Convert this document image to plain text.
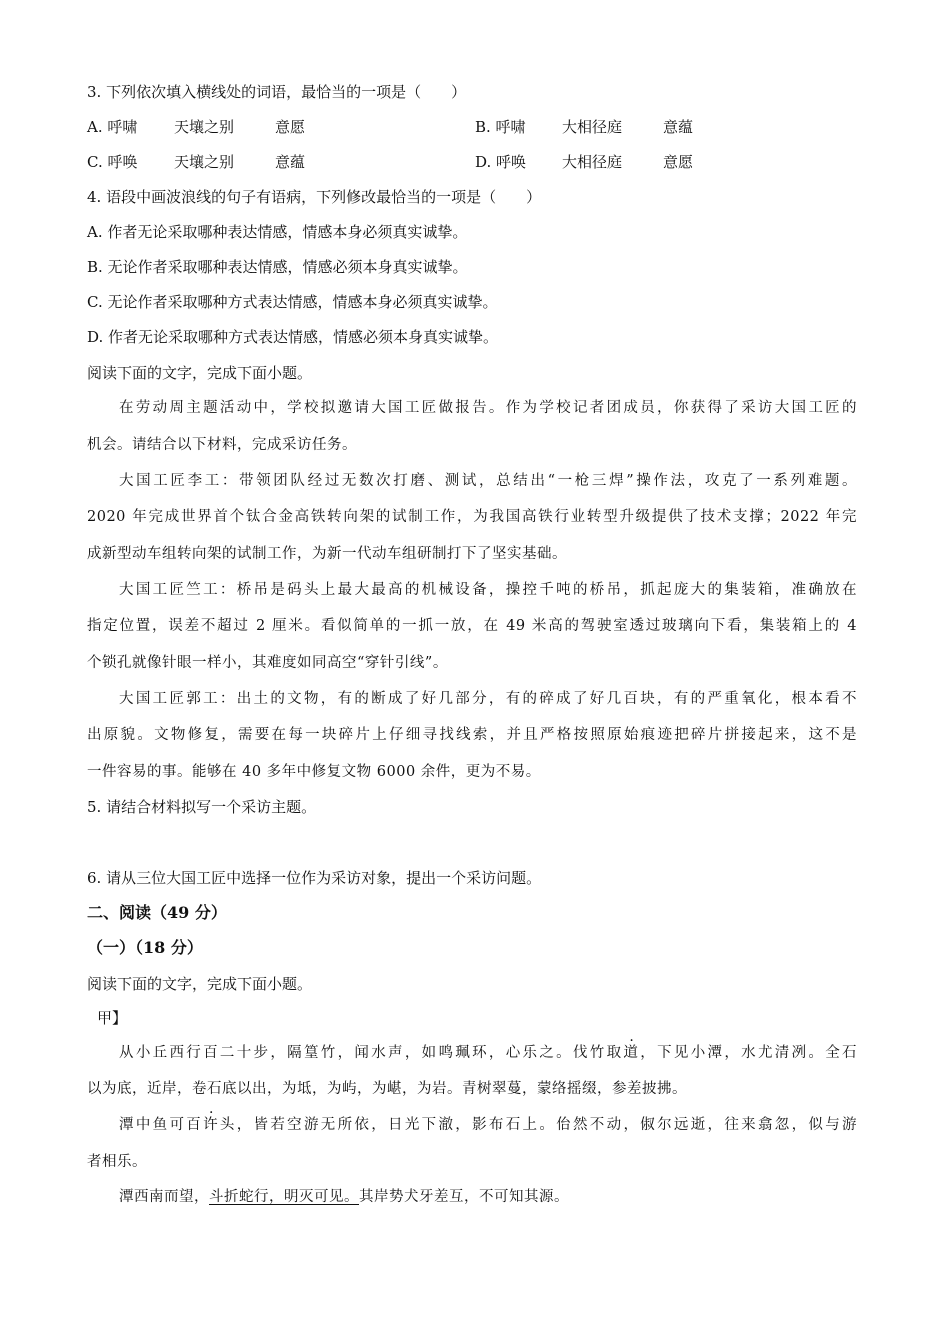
3. 下列依次填入横线处的词语，最恰当的一项是（　　）
A. 呼啸 天壤之别	意愿	B. 呼啸 大相径庭	意蕴
C. 呼唤 天壤之别	意蕴	D. 呼唤 大相径庭	意愿
4. 语段中画波浪线的句子有语病，下列修改最恰当的一项是（　　）
A. 作者无论采取哪种表达情感，情感本身必须真实诚挚。
B. 无论作者采取哪种表达情感，情感必须本身真实诚挚。
C. 无论作者采取哪种方式表达情感，情感本身必须真实诚挚。
D. 作者无论采取哪种方式表达情感，情感必须本身真实诚挚。
阅读下面的文字，完成下面小题。
在劳动周主题活动中，学校拟邀请大国工匠做报告。作为学校记者团成员，你获得了采访大国工匠的
机会。请结合以下材料，完成采访任务。
大国工匠李工：带领团队经过无数次打磨、测试，总结出“一枪三焊”操作法，攻克了一系列难题。
2020 年完成世界首个钛合金高铁转向架的试制工作，为我国高铁行业转型升级提供了技术支撑；2022 年完
成新型动车组转向架的试制工作，为新一代动车组研制打下了坚实基础。
大国工匠竺工：桥吊是码头上最大最高的机械设备，操控千吨的桥吊，抓起庞大的集装箱，准确放在
指定位置，误差不超过 2 厘米。看似简单的一抓一放，在 49 米高的驾驶室透过玻璃向下看，集装箱上的 4
个锁孔就像针眼一样小，其难度如同高空“穿针引线”。
大国工匠郭工：出土的文物，有的断成了好几部分，有的碎成了好几百块，有的严重氧化，根本看不
出原貌。文物修复，需要在每一块碎片上仔细寻找线索，并且严格按照原始痕迹把碎片拼接起来，这不是
一件容易的事。能够在 40 多年中修复文物 6000 余件，更为不易。
5. 请结合材料拟写一个采访主题。
6. 请从三位大国工匠中选择一位作为采访对象，提出一个采访问题。
二、阅读（49 分）
（一）（18 分）
阅读下面的文字，完成下面小题。
甲】
从小丘西行百二十步，隔篁竹，闻水声，如鸣珮环，心乐之。伐竹取道，下见小潭，水尤清冽。全石
以为底，近岸，卷石底以出，为坻，为屿，为嵁，为岩。青树翠蔓，蒙络摇缀，参差披拂。
潭中鱼可百许头，皆若空游无所依，日光下澈，影布石上。佁然不动，俶尔远逝，往来翕忽，似与游
者相乐。
潭西南而望，斗折蛇行，明灭可见。其岸势犬牙差互，不可知其源。
